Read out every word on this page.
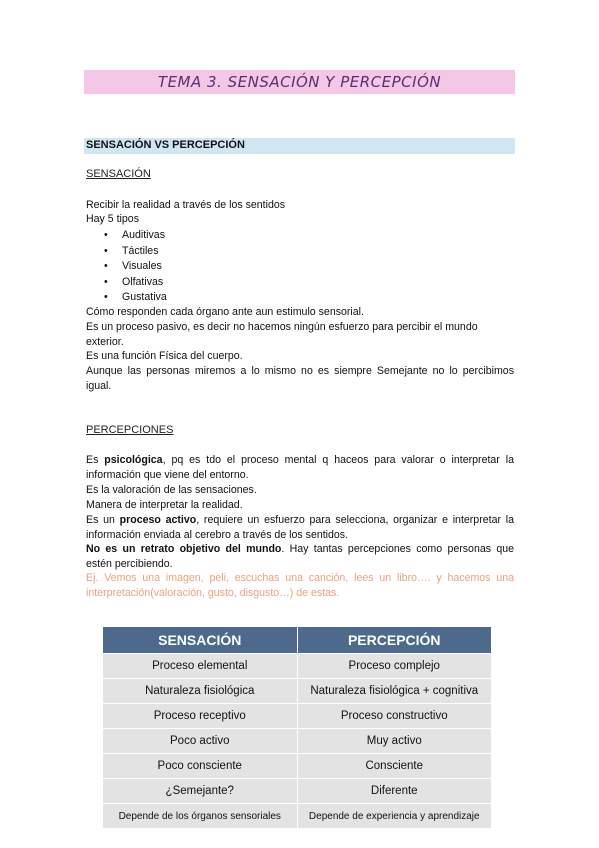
TEMA 3. SENSACIÓN Y PERCEPCIÓN
SENSACIÓN VS PERCEPCIÓN
SENSACIÓN
Recibir la realidad a través de los sentidos
Hay 5 tipos
• Auditivas
• Táctiles
• Visuales
• Olfativas
• Gustativa
Cómo responden cada órgano ante aun estimulo sensorial.
Es un proceso pasivo, es decir no hacemos ningún esfuerzo para percibir el mundo exterior.
Es una función Física del cuerpo.
Aunque las personas miremos a lo mismo no es siempre Semejante no lo percibimos igual.
PERCEPCIONES
Es psicológica, pq es tdo el proceso mental q haceos para valorar o interpretar la información que viene del entorno.
Es la valoración de las sensaciones.
Manera de interpretar la realidad.
Es un proceso activo, requiere un esfuerzo para selecciona, organizar e interpretar la información enviada al cerebro a través de los sentidos.
No es un retrato objetivo del mundo. Hay tantas percepciones como personas que estén percibiendo.
Ej. Vemos una imagen, peli, escuchas una canción, lees un libro…. y hacemos una interpretación(valoración, gusto, disgusto…) de estas.
SENSACIÓN	PERCEPCIÓN
Proceso elemental	Proceso complejo
Naturaleza fisiológica	Naturaleza fisiológica + cognitiva
Proceso receptivo	Proceso constructivo
Poco activo	Muy activo
Poco consciente	Consciente
¿Semejante?	Diferente
Depende de los órganos sensoriales	Depende de experiencia y aprendizaje
